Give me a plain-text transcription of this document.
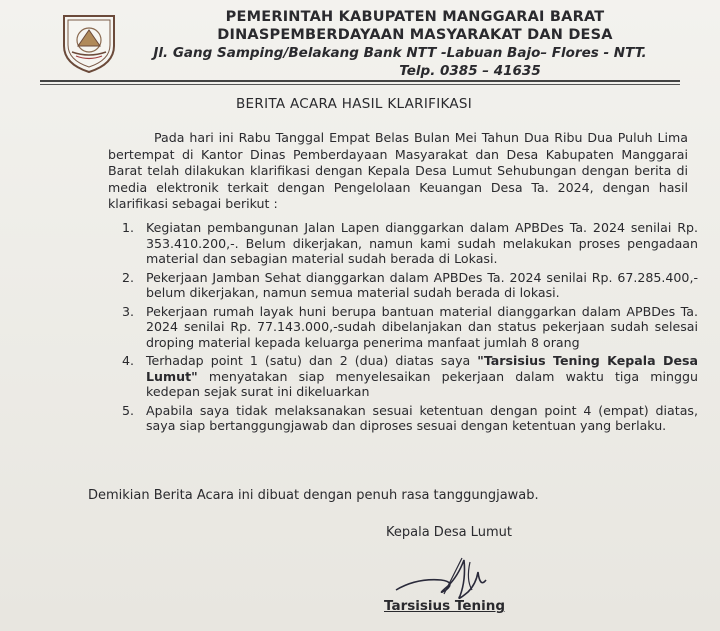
PEMERINTAH KABUPATEN MANGGARAI BARAT
DINASPEMBERDAYAAN MASYARAKAT DAN DESA
Jl. Gang Samping/Belakang Bank NTT -Labuan Bajo– Flores - NTT.
Telp. 0385 – 41635
BERITA ACARA HASIL KLARIFIKASI
Pada hari ini Rabu Tanggal Empat Belas Bulan Mei Tahun Dua Ribu Dua Puluh Lima bertempat di Kantor Dinas Pemberdayaan Masyarakat dan Desa Kabupaten Manggarai Barat telah dilakukan klarifikasi dengan Kepala Desa Lumut Sehubungan dengan berita di media elektronik terkait dengan Pengelolaan Keuangan Desa Ta. 2024, dengan hasil klarifikasi sebagai berikut :
1. Kegiatan pembangunan Jalan Lapen dianggarkan dalam APBDes Ta. 2024 senilai Rp. 353.410.200,-. Belum dikerjakan, namun kami sudah melakukan proses pengadaan material dan sebagian material sudah berada di Lokasi.
2. Pekerjaan Jamban Sehat dianggarkan dalam APBDes Ta. 2024 senilai Rp. 67.285.400,- belum dikerjakan, namun semua material sudah berada di lokasi.
3. Pekerjaan rumah layak huni berupa bantuan material dianggarkan dalam APBDes Ta. 2024 senilai Rp. 77.143.000,-sudah dibelanjakan dan status pekerjaan sudah selesai droping material kepada keluarga penerima manfaat jumlah 8 orang
4. Terhadap point 1 (satu) dan 2 (dua) diatas saya "Tarsisius Tening Kepala Desa Lumut" menyatakan siap menyelesaikan pekerjaan dalam waktu tiga minggu kedepan sejak surat ini dikeluarkan
5. Apabila saya tidak melaksanakan sesuai ketentuan dengan point 4 (empat) diatas, saya siap bertanggungjawab dan diproses sesuai dengan ketentuan yang berlaku.
Demikian Berita Acara ini dibuat dengan penuh rasa tanggungjawab.
Kepala Desa Lumut
Tarsisius Tening
